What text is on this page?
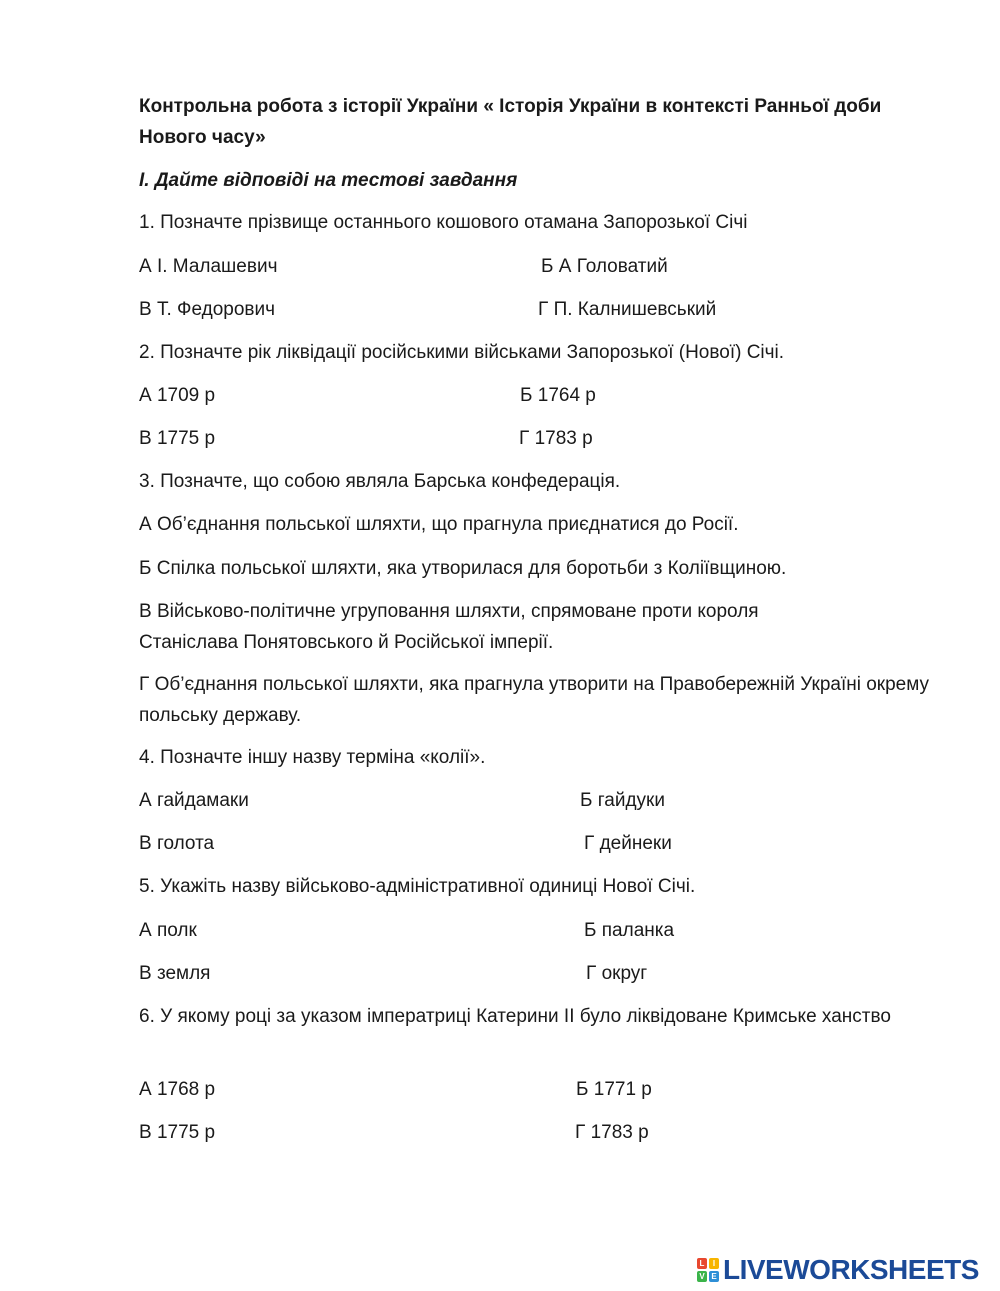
Контрольна робота з історії України « Історія України в контексті Ранньої доби Нового часу»
І. Дайте відповіді на тестові завдання
1. Позначте прізвище останнього кошового отамана Запорозької Січі
А І. Малашевич	Б А Головатий
В Т. Федорович	Г П. Калнишевський
2. Позначте рік ліквідації російськими військами Запорозької (Нової) Січі.
А 1709 р	Б 1764 р
В 1775 р	Г 1783 р
3. Позначте, що собою являла Барська конфедерація.
А Об’єднання польської шляхти, що прагнула приєднатися до Росії.
Б Спілка польської шляхти, яка утворилася для боротьби з Коліївщиною.
В Військово-політичне угруповання шляхти, спрямоване проти короля Станіслава Понятовського й Російської імперії.
Г Об’єднання польської шляхти, яка прагнула утворити на Правобережній Україні окрему польську державу.
4. Позначте іншу назву терміна «колії».
А гайдамаки	Б гайдуки
В голота	Г дейнеки
5. Укажіть назву військово-адміністративної одиниці Нової Січі.
А полк	Б паланка
В земля	Г округ
6. У якому році за указом імператриці Катерини ІІ було ліквідоване Кримське ханство
А 1768 р	Б 1771 р
В 1775 р	Г 1783 р
L	I
V E LIVEWORKSHEETS
